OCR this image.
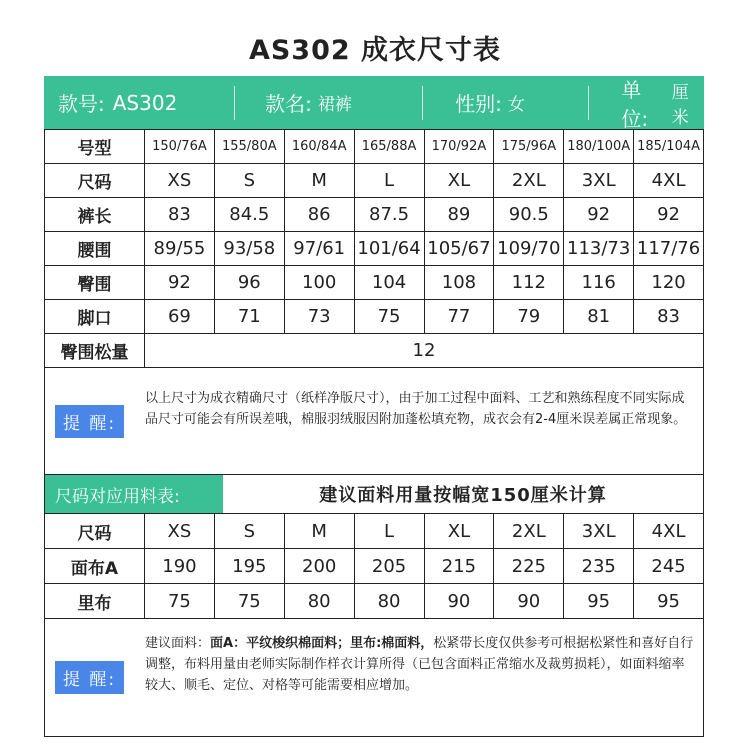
AS302 成衣尺寸表
款号: AS302	款名: 裙裤	性别: 女
单位:
厘米
号型	150/76A	155/80A	160/84A	165/88A	170/92A	175/96A	180/100A	185/104A
尺码	XS	S	M	L	XL	2XL	3XL	4XL
裤长	83	84.5	86	87.5	89	90.5	92	92
腰围	89/55	93/58	97/61	101/64	105/67	109/70	113/73	117/76
臀围	92	96	100	104	108	112	116	120
脚口	69	71	73	75	77	79	81	83
臀围松量	12							
提 醒:
以上尺寸为成衣精确尺寸（纸样净版尺寸），由于加工过程中面料、工艺和熟练程度不同实际成品尺寸可能会有所误差哦，棉服羽绒服因附加蓬松填充物，成衣会有2-4厘米误差属正常现象。
尺码对应用料表:	建议面料用量按幅宽150厘米计算
尺码	XS	S	M	L	XL	2XL	3XL	4XL
面布A	190	195	200	205	215	225	235	245
里布	75	75	80	80	90	90	95	95
提 醒:
建议面料：面A：平纹梭织棉面料；里布:棉面料，松紧带长度仅供参考可根据松紧性和喜好自行调整，布料用量由老师实际制作样衣计算所得（已包含面料正常缩水及裁剪损耗），如面料缩率较大、顺毛、定位、对格等可能需要相应增加。
